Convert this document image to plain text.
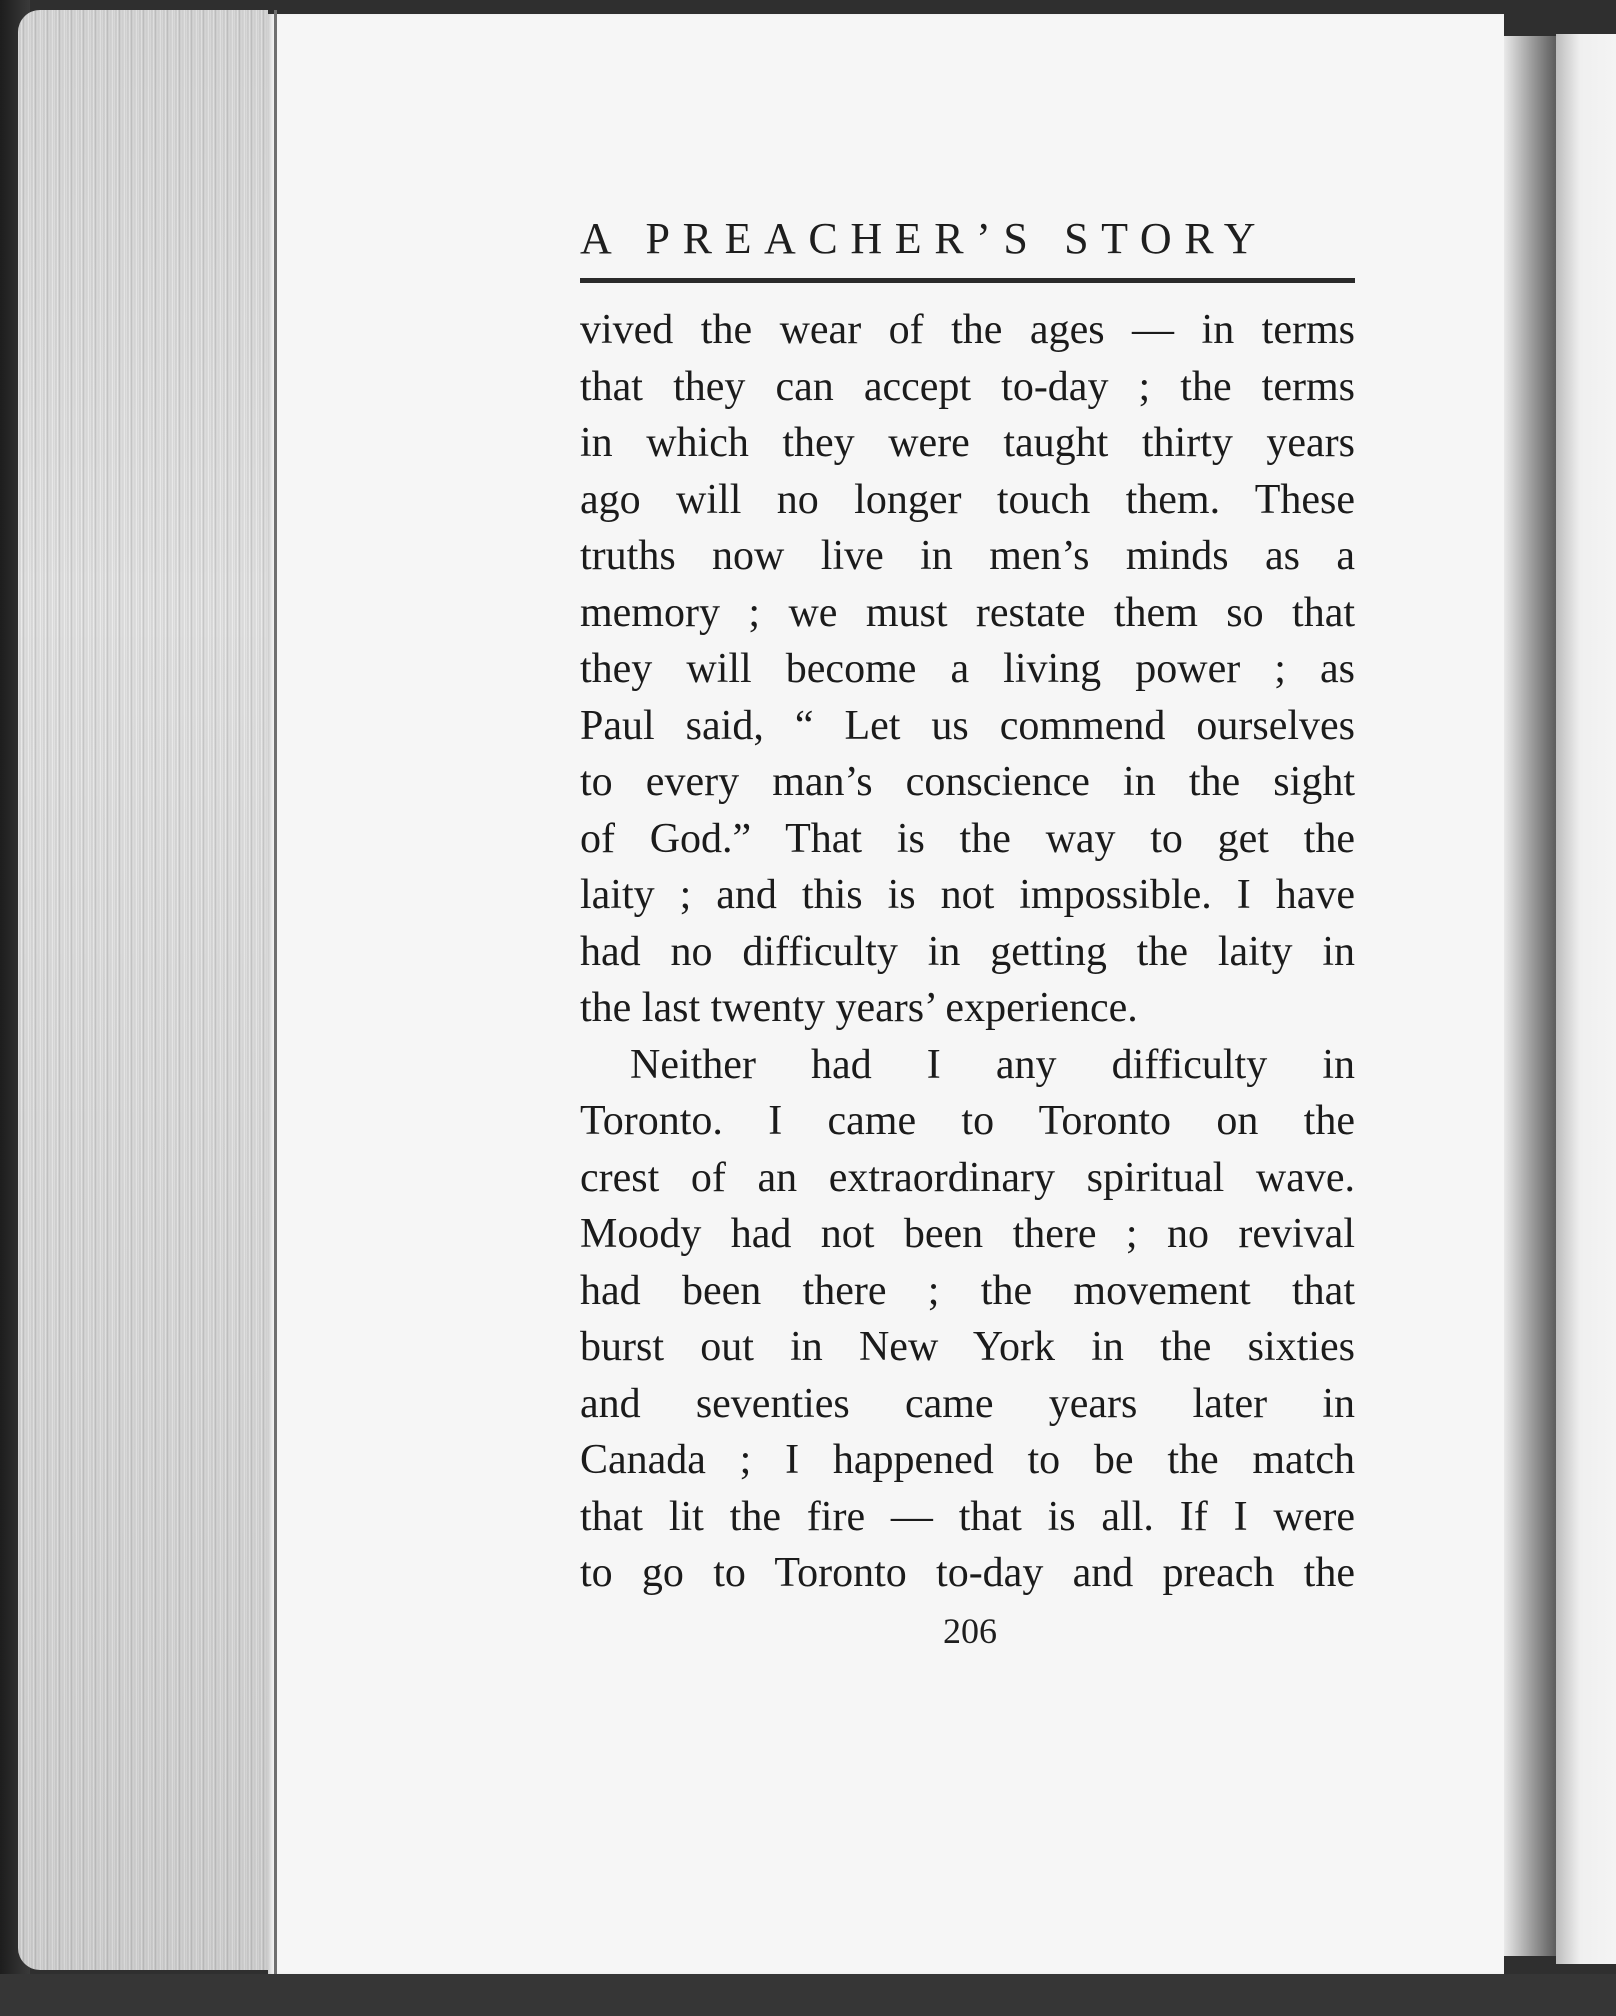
A PREACHER’S STORY
vived the wear of the ages — in terms
that they can accept to-day ; the terms
in which they were taught thirty years
ago will no longer touch them. These
truths now live in men’s minds as a
memory ; we must restate them so that
they will become a living power ; as
Paul said, “ Let us commend ourselves
to every man’s conscience in the sight
of God.” That is the way to get the
laity ; and this is not impossible. I have
had no difficulty in getting the laity in
the last twenty years’ experience.
Neither had I any difficulty in
Toronto. I came to Toronto on the
crest of an extraordinary spiritual wave.
Moody had not been there ; no revival
had been there ; the movement that
burst out in New York in the sixties
and seventies came years later in
Canada ; I happened to be the match
that lit the fire — that is all. If I were
to go to Toronto to-day and preach the
206
